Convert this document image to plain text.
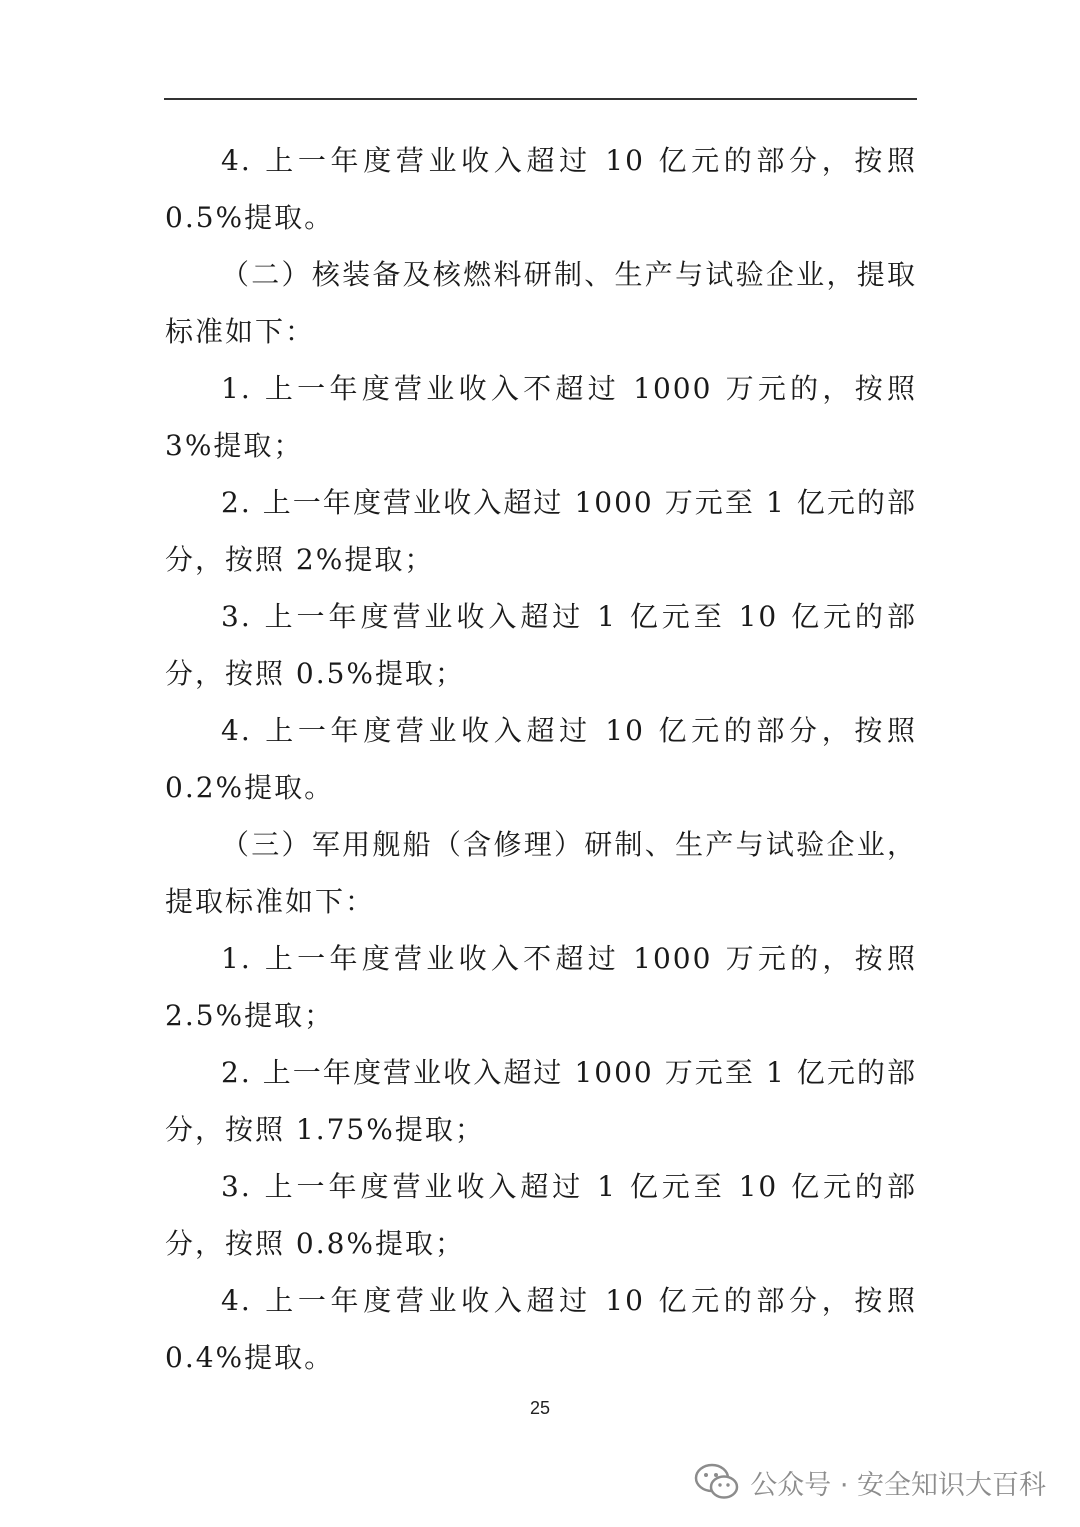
4. 上一年度营业收入超过 10 亿元的部分，按照 0.5%提取。

（二）核装备及核燃料研制、生产与试验企业，提取标准如下：

1. 上一年度营业收入不超过 1000 万元的，按照 3%提取；

2. 上一年度营业收入超过 1000 万元至 1 亿元的部分，按照 2%提取；

3. 上一年度营业收入超过 1 亿元至 10 亿元的部分，按照 0.5%提取；

4. 上一年度营业收入超过 10 亿元的部分，按照 0.2%提取。

（三）军用舰船（含修理）研制、生产与试验企业，提取标准如下：

1. 上一年度营业收入不超过 1000 万元的，按照 2.5%提取；

2. 上一年度营业收入超过 1000 万元至 1 亿元的部分，按照 1.75%提取；

3. 上一年度营业收入超过 1 亿元至 10 亿元的部分，按照 0.8%提取；

4. 上一年度营业收入超过 10 亿元的部分，按照 0.4%提取。

25
公众号 · 安全知识大百科
